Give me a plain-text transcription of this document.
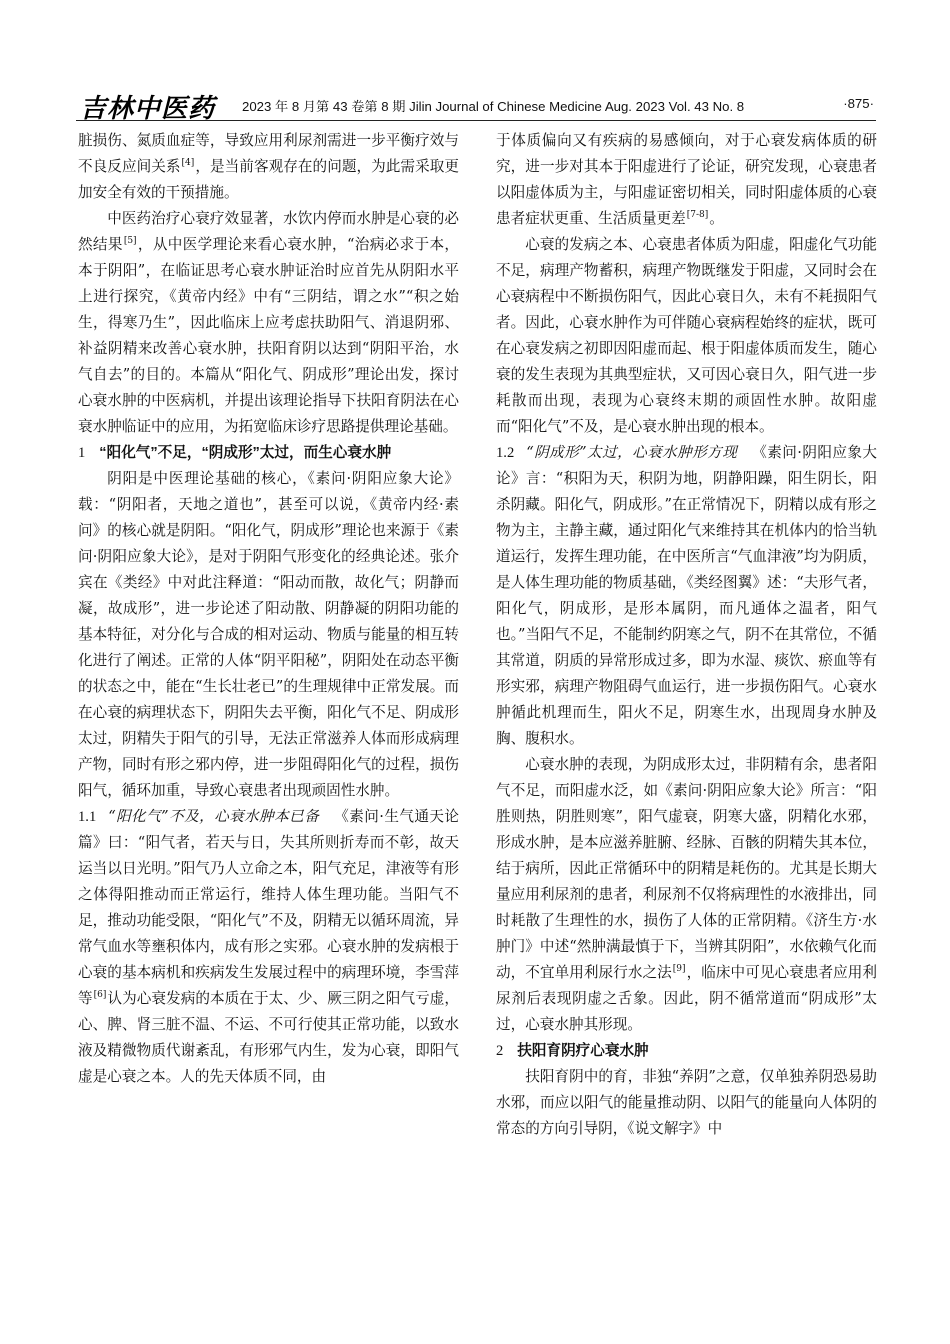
吉林中医药 2023 年 8 月第 43 卷第 8 期 Jilin Journal of Chinese Medicine Aug. 2023 Vol. 43 No. 8	·875·

脏损伤、氮质血症等，导致应用利尿剂需进一步平衡疗效与不良反应间关系[4]，是当前客观存在的问题，为此需采取更加安全有效的干预措施。

中医药治疗心衰疗效显著，水饮内停而水肿是心衰的必然结果[5]，从中医学理论来看心衰水肿，“治病必求于本，本于阴阳”，在临证思考心衰水肿证治时应首先从阴阳水平上进行探究，《黄帝内经》中有“三阴结，谓之水”“积之始生，得寒乃生”，因此临床上应考虑扶助阳气、消退阴邪、补益阴精来改善心衰水肿，扶阳育阴以达到“阴阳平治，水气自去”的目的。本篇从“阳化气、阴成形”理论出发，探讨心衰水肿的中医病机，并提出该理论指导下扶阳育阴法在心衰水肿临证中的应用，为拓宽临床诊疗思路提供理论基础。

1 “阳化气”不足，“阴成形”太过，而生心衰水肿

阴阳是中医理论基础的核心，《素问·阴阳应象大论》载：“阴阳者，天地之道也”，甚至可以说，《黄帝内经·素问》的核心就是阴阳。“阳化气，阴成形”理论也来源于《素问·阴阳应象大论》，是对于阴阳气形变化的经典论述。张介宾在《类经》中对此注释道：“阳动而散，故化气；阴静而凝，故成形”，进一步论述了阳动散、阴静凝的阴阳功能的基本特征，对分化与合成的相对运动、物质与能量的相互转化进行了阐述。正常的人体“阴平阳秘”，阴阳处在动态平衡的状态之中，能在“生长壮老已”的生理规律中正常发展。而在心衰的病理状态下，阴阳失去平衡，阳化气不足、阴成形太过，阴精失于阳气的引导，无法正常滋养人体而形成病理产物，同时有形之邪内停，进一步阻碍阳化气的过程，损伤阳气，循环加重，导致心衰患者出现顽固性水肿。

1.1 “阳化气”不及，心衰水肿本已备   《素问·生气通天论篇》曰：“阳气者，若天与日，失其所则折寿而不彰，故天运当以日光明。”阳气乃人立命之本，阳气充足，津液等有形之体得阳推动而正常运行，维持人体生理功能。当阳气不足，推动功能受限，“阳化气”不及，阴精无以循环周流，异常气血水等壅积体内，成有形之实邪。心衰水肿的发病根于心衰的基本病机和疾病发生发展过程中的病理环境，李雪萍等[6]认为心衰发病的本质在于太、少、厥三阴之阳气亏虚，心、脾、肾三脏不温、不运、不可行使其正常功能，以致水液及精微物质代谢紊乱，有形邪气内生，发为心衰，即阳气虚是心衰之本。人的先天体质不同，由

于体质偏向又有疾病的易感倾向，对于心衰发病体质的研究，进一步对其本于阳虚进行了论证，研究发现，心衰患者以阳虚体质为主，与阳虚证密切相关，同时阳虚体质的心衰患者症状更重、生活质量更差[7-8]。

心衰的发病之本、心衰患者体质为阳虚，阳虚化气功能不足，病理产物蓄积，病理产物既继发于阳虚，又同时会在心衰病程中不断损伤阳气，因此心衰日久，未有不耗损阳气者。因此，心衰水肿作为可伴随心衰病程始终的症状，既可在心衰发病之初即因阳虚而起、根于阳虚体质而发生，随心衰的发生表现为其典型症状，又可因心衰日久，阳气进一步耗散而出现，表现为心衰终末期的顽固性水肿。故阳虚而“阳化气”不及，是心衰水肿出现的根本。

1.2 “阴成形”太过，心衰水肿形方现   《素问·阴阳应象大论》言：“积阳为天，积阴为地，阴静阳躁，阳生阴长，阳杀阴藏。阳化气，阴成形。”在正常情况下，阴精以成有形之物为主，主静主藏，通过阳化气来维持其在机体内的恰当轨道运行，发挥生理功能，在中医所言“气血津液”均为阴质，是人体生理功能的物质基础，《类经图翼》述：“夫形气者，阳化气，阴成形，是形本属阴，而凡通体之温者，阳气也。”当阳气不足，不能制约阴寒之气，阴不在其常位，不循其常道，阴质的异常形成过多，即为水湿、痰饮、瘀血等有形实邪，病理产物阻碍气血运行，进一步损伤阳气。心衰水肿循此机理而生，阳火不足，阴寒生水，出现周身水肿及胸、腹积水。

心衰水肿的表现，为阴成形太过，非阴精有余，患者阳气不足，而阳虚水泛，如《素问·阴阳应象大论》所言：“阳胜则热，阴胜则寒”，阳气虚衰，阴寒大盛，阴精化水邪，形成水肿，是本应滋养脏腑、经脉、百骸的阴精失其本位，结于病所，因此正常循环中的阴精是耗伤的。尤其是长期大量应用利尿剂的患者，利尿剂不仅将病理性的水液排出，同时耗散了生理性的水，损伤了人体的正常阴精。《济生方·水肿门》中述“然肿满最慎于下，当辨其阴阳”，水依赖气化而动，不宜单用利尿行水之法[9]，临床中可见心衰患者应用利尿剂后表现阴虚之舌象。因此，阴不循常道而“阴成形”太过，心衰水肿其形现。

2 扶阳育阴疗心衰水肿

扶阳育阴中的育，非独“养阴”之意，仅单独养阴恐易助水邪，而应以阳气的能量推动阴、以阳气的能量向人体阴的常态的方向引导阴，《说文解字》中
